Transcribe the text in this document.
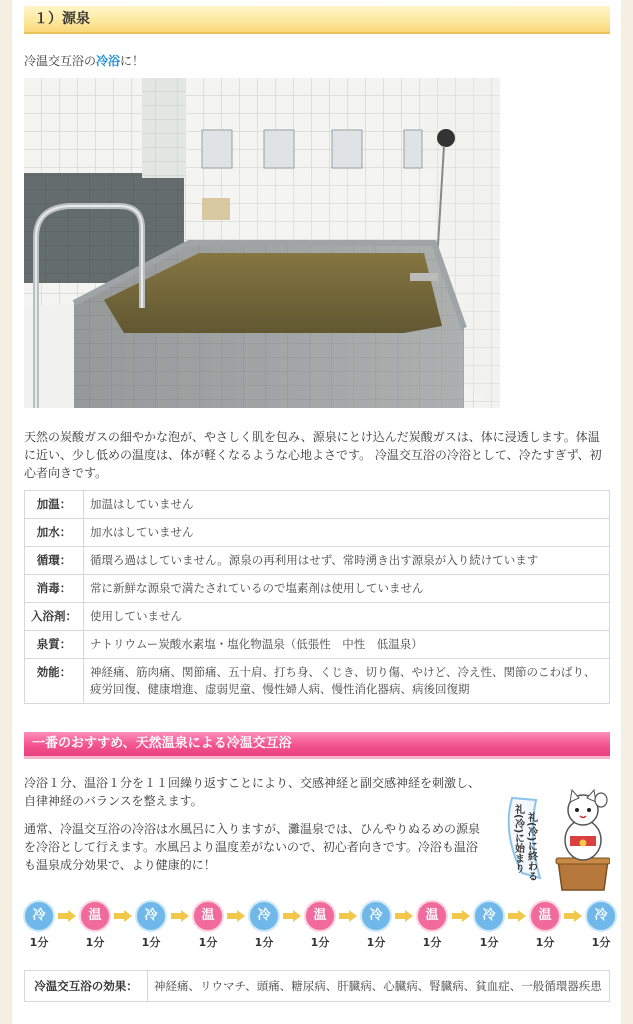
１）源泉
冷温交互浴の冷浴に！
天然の炭酸ガスの細やかな泡が、やさしく肌を包み、源泉にとけ込んだ炭酸ガスは、体に浸透します。体温に近い、少し低めの温度は、体が軽くなるような心地よさです。 冷温交互浴の冷浴として、冷たすぎず、初心者向きです。
加温：	加温はしていません
加水：	加水はしていません
循環：	循環ろ過はしていません。源泉の再利用はせず、常時湧き出す源泉が入り続けています
消毒：	常に新鮮な源泉で満たされているので塩素剤は使用していません
入浴剤：	使用していません
泉質：	ナトリウムー炭酸水素塩・塩化物温泉（低張性　中性　低温泉）
効能：	神経痛、筋肉痛、関節痛、五十肩、打ち身、くじき、切り傷、やけど、冷え性、関節のこわばり、疲労回復、健康増進、虚弱児童、慢性婦人病、慢性消化器病、病後回復期
一番のおすすめ、天然温泉による冷温交互浴
冷浴１分、温浴１分を１１回繰り返すことにより、交感神経と副交感神経を刺激し、自律神経のバランスを整えます。
通常、冷温交互浴の冷浴は水風呂に入りますが、灘温泉では、ひんやりぬるめの源泉を冷浴として行えます。水風呂より温度差がないので、初心者向きです。冷浴も温浴も温泉成分効果で、より健康的に！	礼(冷)に始まり 礼(冷)に終わる
冷
1分
温
1分
冷
1分
温
1分
冷
1分
温
1分
冷
1分
温
1分
冷
1分
温
1分
冷
1分
冷温交互浴の効果：	神経痛、リウマチ、頭痛、糖尿病、肝臓病、心臓病、腎臓病、貧血症、一般循環器疾患
